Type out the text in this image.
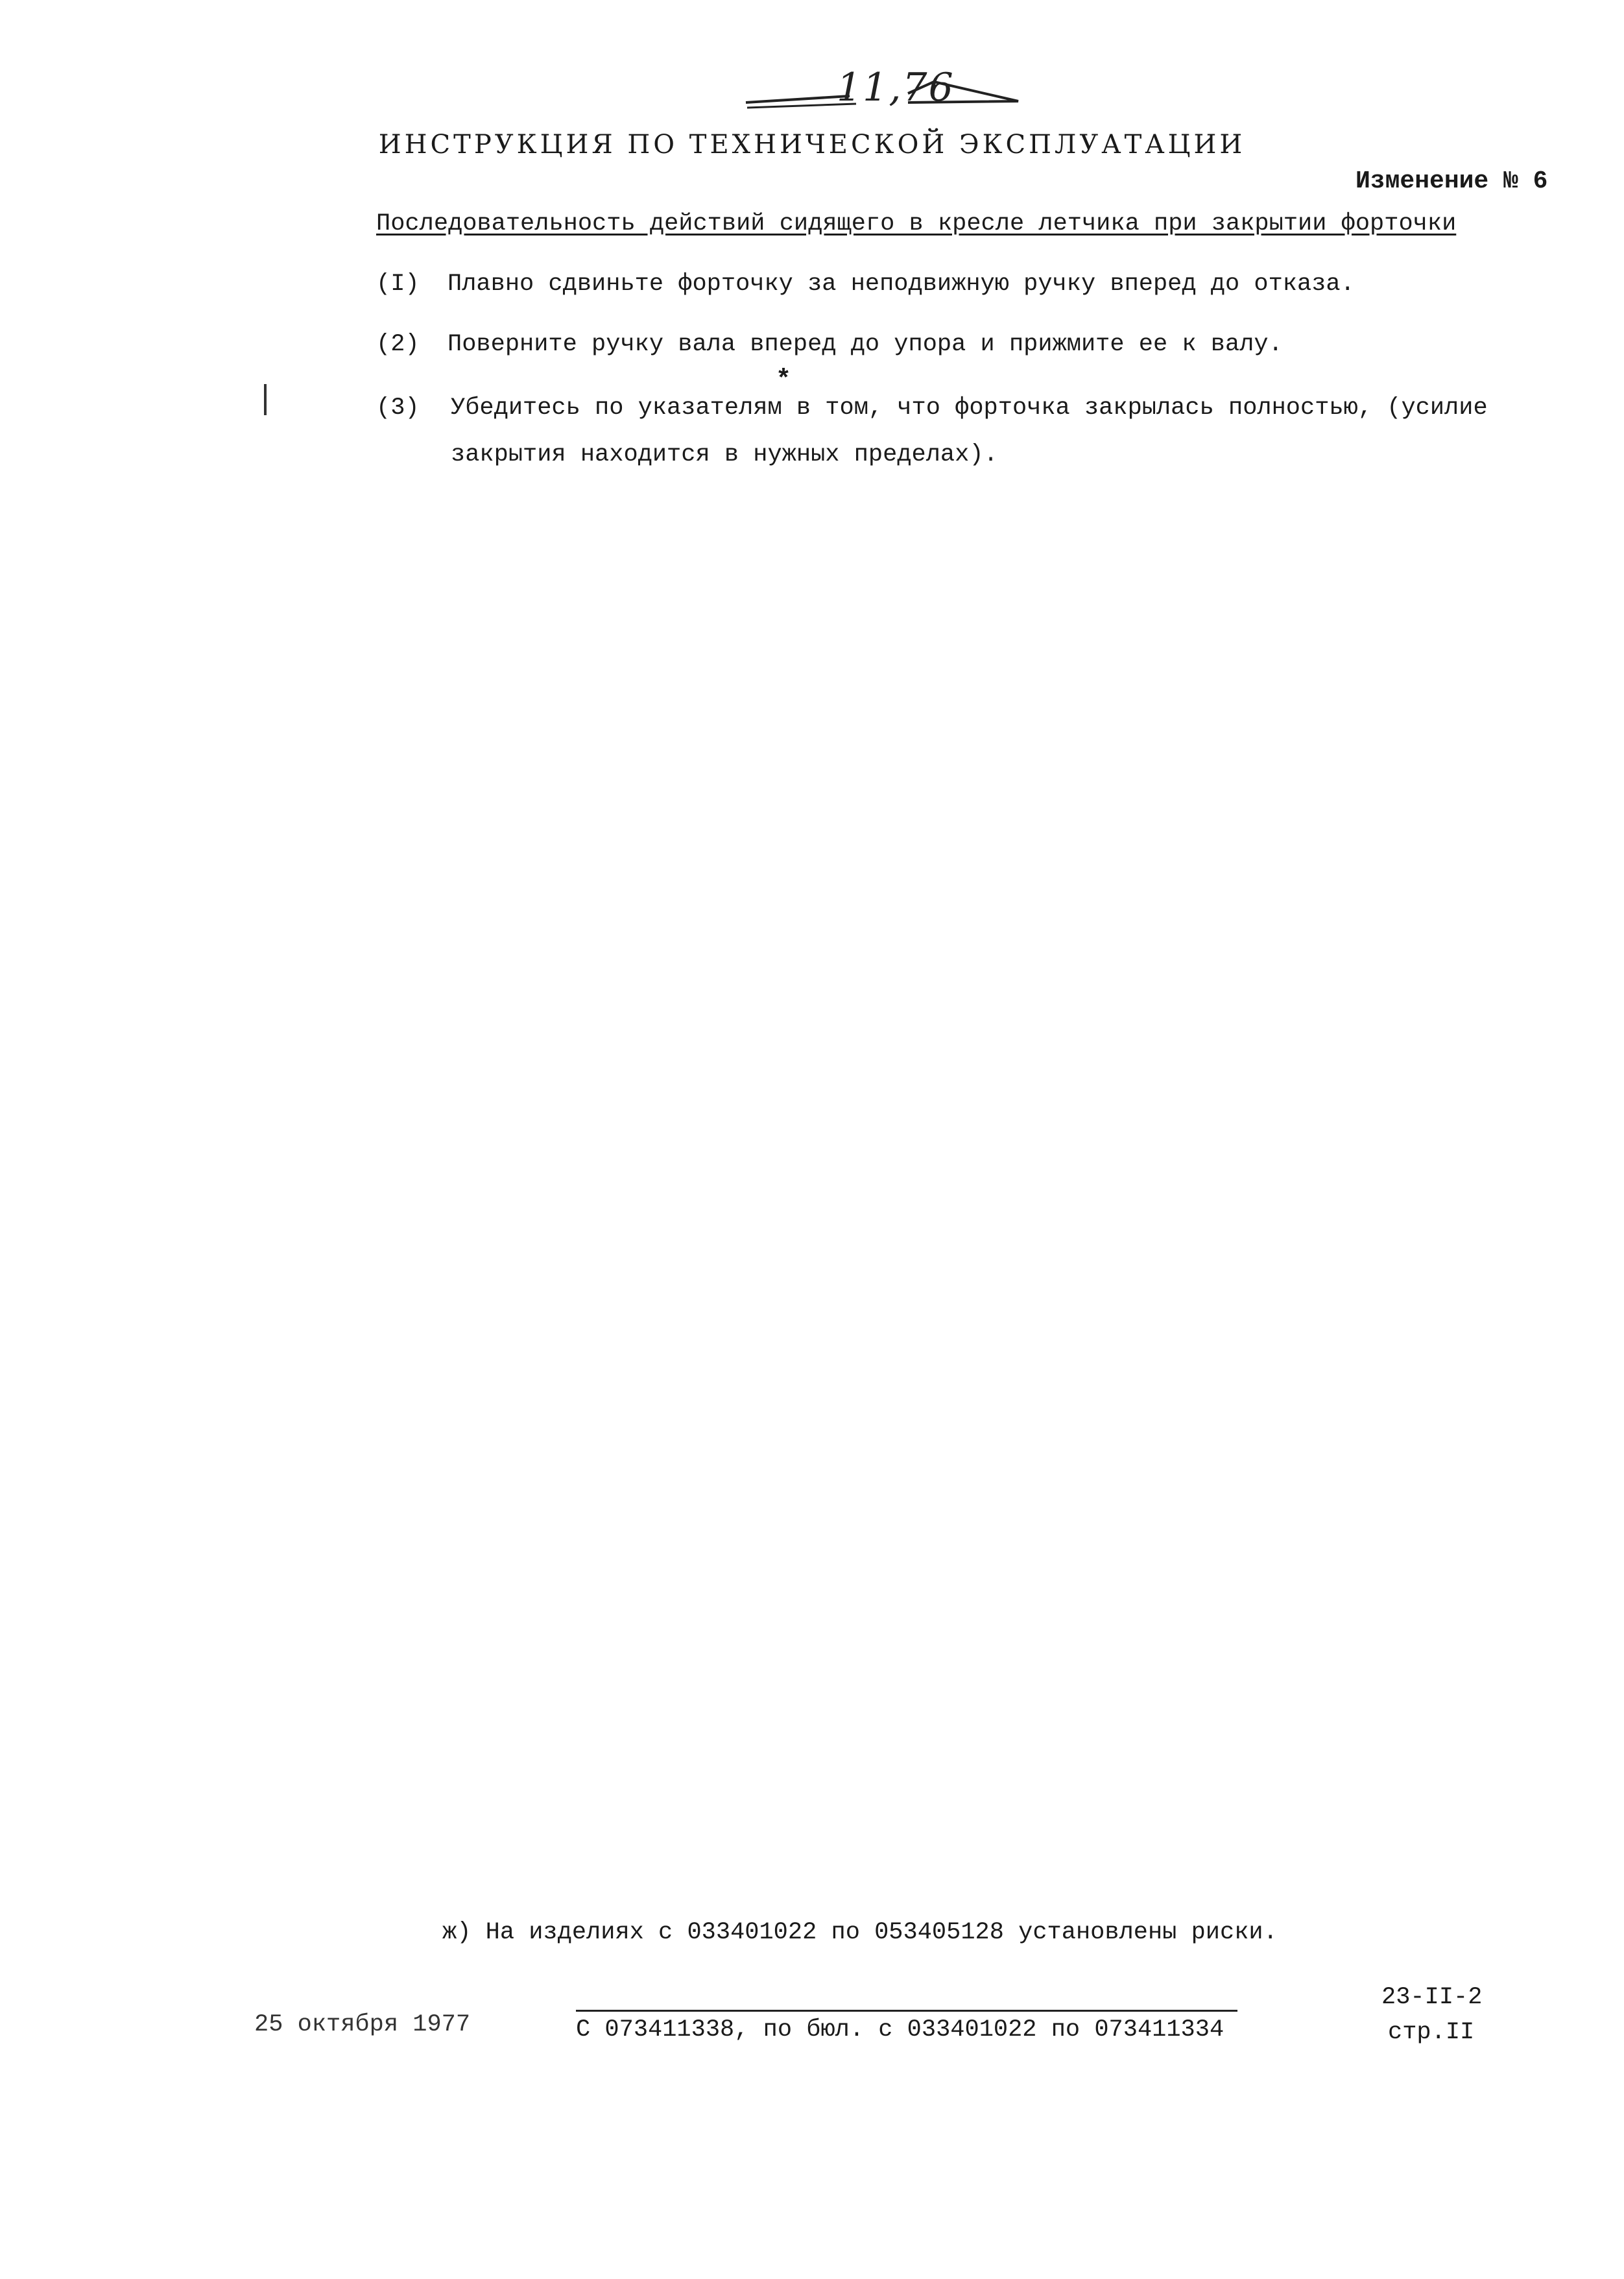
11,76
ИНСТРУКЦИЯ ПО ТЕХНИЧЕСКОЙ ЭКСПЛУАТАЦИИ
Изменение № 6
Последовательность действий сидящего в кресле летчика при закрытии форточки
(I) Плавно сдвиньте форточку за неподвижную ручку вперед до отказа.
(2) Поверните ручку вала вперед до упора и прижмите ее к валу.
*
(3) Убедитесь по указателям в том, что форточка закрылась полностью, (усилие
закрытия находится в нужных пределах).
ж) На изделиях с 033401022 по 053405128 установлены риски.
25 октября 1977	С 073411338, по бюл. с 033401022 по 073411334
23-II-2
стр.II
